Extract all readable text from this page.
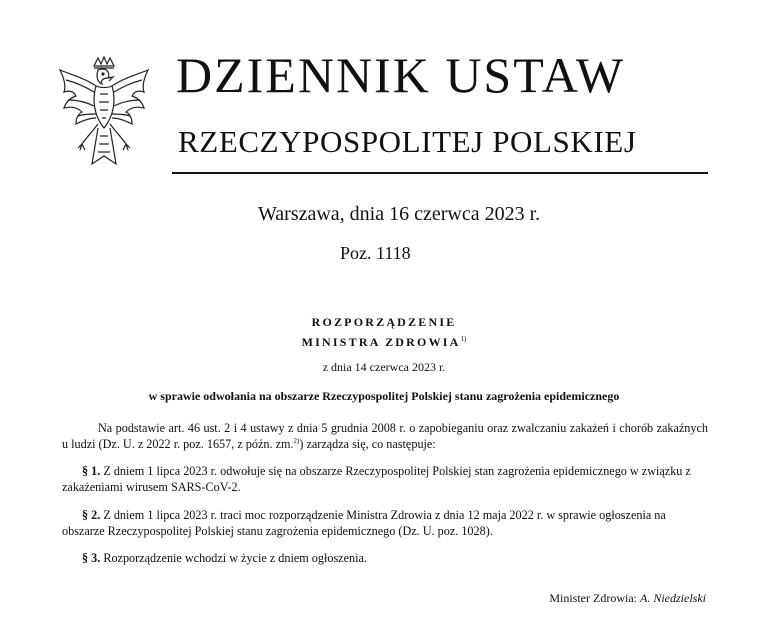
DZIENNIK USTAW
RZECZYPOSPOLITEJ POLSKIEJ
Warszawa, dnia 16 czerwca 2023 r.
Poz. 1118
ROZPORZĄDZENIE
MINISTRA ZDROWIA$^{1)}$
z dnia 14 czerwca 2023 r.
w sprawie odwołania na obszarze Rzeczypospolitej Polskiej stanu zagrożenia epidemicznego
Na podstawie art. 46 ust. 2 i 4 ustawy z dnia 5 grudnia 2008 r. o zapobieganiu oraz zwalczaniu zakażeń i chorób zakaźnych u ludzi (Dz. U. z 2022 r. poz. 1657, z późn. zm.$^{2)}$) zarządza się, co następuje:
§ 1. Z dniem 1 lipca 2023 r. odwołuje się na obszarze Rzeczypospolitej Polskiej stan zagrożenia epidemicznego w związku z zakażeniami wirusem SARS-CoV-2.
§ 2. Z dniem 1 lipca 2023 r. traci moc rozporządzenie Ministra Zdrowia z dnia 12 maja 2022 r. w sprawie ogłoszenia na obszarze Rzeczypospolitej Polskiej stanu zagrożenia epidemicznego (Dz. U. poz. 1028).
§ 3. Rozporządzenie wchodzi w życie z dniem ogłoszenia.
Minister Zdrowia: A. Niedzielski
